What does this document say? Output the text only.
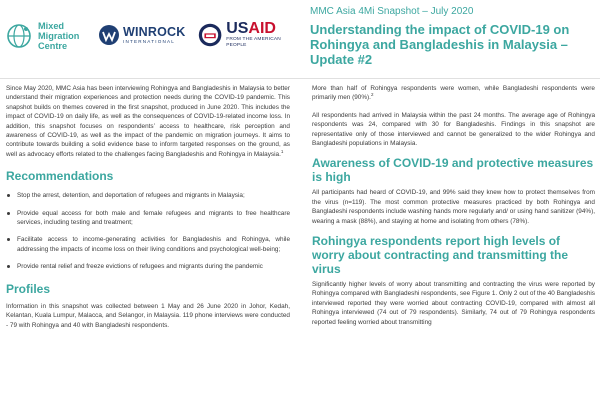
Mixed
Migration
Centre
WINROCK
INTERNATIONAL
USAID
FROM THE AMERICAN PEOPLE
MMC Asia 4Mi Snapshot – July 2020
Understanding the impact of COVID-19 on Rohingya and Bangladeshis in Malaysia – Update #2

Since May 2020, MMC Asia has been interviewing Rohingya and Bangladeshis in Malaysia to better understand their migration experiences and protection needs during the COVID-19 pandemic. This snapshot builds on themes covered in the first snapshot, produced in June 2020. This includes the impact of COVID-19 on daily life, as well as the consequences of COVID-19-related income loss. In addition, this snapshot focuses on respondents’ access to healthcare, risk perception and awareness of COVID-19, as well as the impact of the pandemic on migration journeys. It aims to contribute towards building a solid evidence base to inform targeted responses on the ground, as well as advocacy efforts related to the challenges facing Bangladeshis and Rohingya in Malaysia.$^1$

Recommendations
Stop the arrest, detention, and deportation of refugees and migrants in Malaysia;
Provide equal access for both male and female refugees and migrants to free healthcare services, including testing and treatment;
Facilitate access to income-generating activities for Bangladeshis and Rohingya, while addressing the impacts of income loss on their living conditions and psychological well-being;
Provide rental relief and freeze evictions of refugees and migrants during the pandemic
Profiles

Information in this snapshot was collected between 1 May and 26 June 2020 in Johor, Kedah, Kelantan, Kuala Lumpur, Malacca, and Selangor, in Malaysia. 119 phone interviews were conducted - 79 with Rohingya and 40 with Bangladeshi respondents.

More than half of Rohingya respondents were women, while Bangladeshi respondents were primarily men (90%).$^2$

All respondents had arrived in Malaysia within the past 24 months. The average age of Rohingya respondents was 24, compared with 30 for Bangladeshis. Findings in this snapshot are representative only of those interviewed and cannot be generalized to the wider Rohingya and Bangladeshi populations in Malaysia.

Awareness of COVID-19 and protective measures is high

All participants had heard of COVID-19, and 99% said they knew how to protect themselves from the virus (n=119). The most common protective measures practiced by both Rohingya and Bangladeshi respondents include washing hands more regularly and/ or using hand sanitizer (94%), wearing a mask (88%), and staying at home and isolating from others (78%).

Rohingya respondents report high levels of worry about contracting and transmitting the virus

Significantly higher levels of worry about transmitting and contracting the virus were reported by Rohingya compared with Bangladeshi respondents, see Figure 1. Only 2 out of the 40 Bangladeshis interviewed reported they were worried about contracting COVID-19, compared with almost all Rohingya interviewed (74 out of 79 respondents). Similarly, 74 out of 79 Rohingya respondents reported feeling worried about transmitting
